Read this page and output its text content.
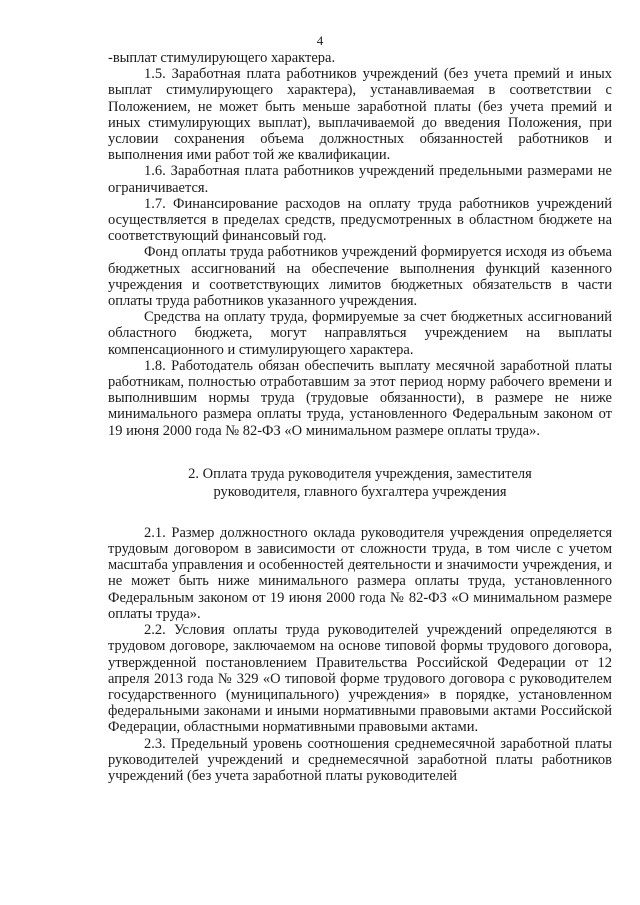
4

-выплат стимулирующего характера.

1.5. Заработная плата работников учреждений (без учета премий и иных выплат стимулирующего характера), устанавливаемая в соответствии с Положением, не может быть меньше заработной платы (без учета премий и иных стимулирующих выплат), выплачиваемой до введения Положения, при условии сохранения объема должностных обязанностей работников и выполнения ими работ той же квалификации.

1.6. Заработная плата работников учреждений предельными размерами не ограничивается.

1.7. Финансирование расходов на оплату труда работников учреждений осуществляется в пределах средств, предусмотренных в областном бюджете на соответствующий финансовый год.

Фонд оплаты труда работников учреждений формируется исходя из объема бюджетных ассигнований на обеспечение выполнения функций казенного учреждения и соответствующих лимитов бюджетных обязательств в части оплаты труда работников указанного учреждения.

Средства на оплату труда, формируемые за счет бюджетных ассигнований областного бюджета, могут направляться учреждением на выплаты компенсационного и стимулирующего характера.

1.8. Работодатель обязан обеспечить выплату месячной заработной платы работникам, полностью отработавшим за этот период норму рабочего времени и выполнившим нормы труда (трудовые обязанности), в размере не ниже минимального размера оплаты труда, установленного Федеральным законом от 19 июня 2000 года № 82-ФЗ «О минимальном размере оплаты труда».

2. Оплата труда руководителя учреждения, заместителя
руководителя, главного бухгалтера учреждения

2.1. Размер должностного оклада руководителя учреждения определяется трудовым договором в зависимости от сложности труда, в том числе с учетом масштаба управления и особенностей деятельности и значимости учреждения, и не может быть ниже минимального размера оплаты труда, установленного Федеральным законом от 19 июня 2000 года № 82-ФЗ «О минимальном размере оплаты труда».

2.2. Условия оплаты труда руководителей учреждений определяются в трудовом договоре, заключаемом на основе типовой формы трудового договора, утвержденной постановлением Правительства Российской Федерации от 12 апреля 2013 года № 329 «О типовой форме трудового договора с руководителем государственного (муниципального) учреждения» в порядке, установленном федеральными законами и иными нормативными правовыми актами Российской Федерации, областными нормативными правовыми актами.

2.3. Предельный уровень соотношения среднемесячной заработной платы руководителей учреждений и среднемесячной заработной платы работников учреждений (без учета заработной платы руководителей
